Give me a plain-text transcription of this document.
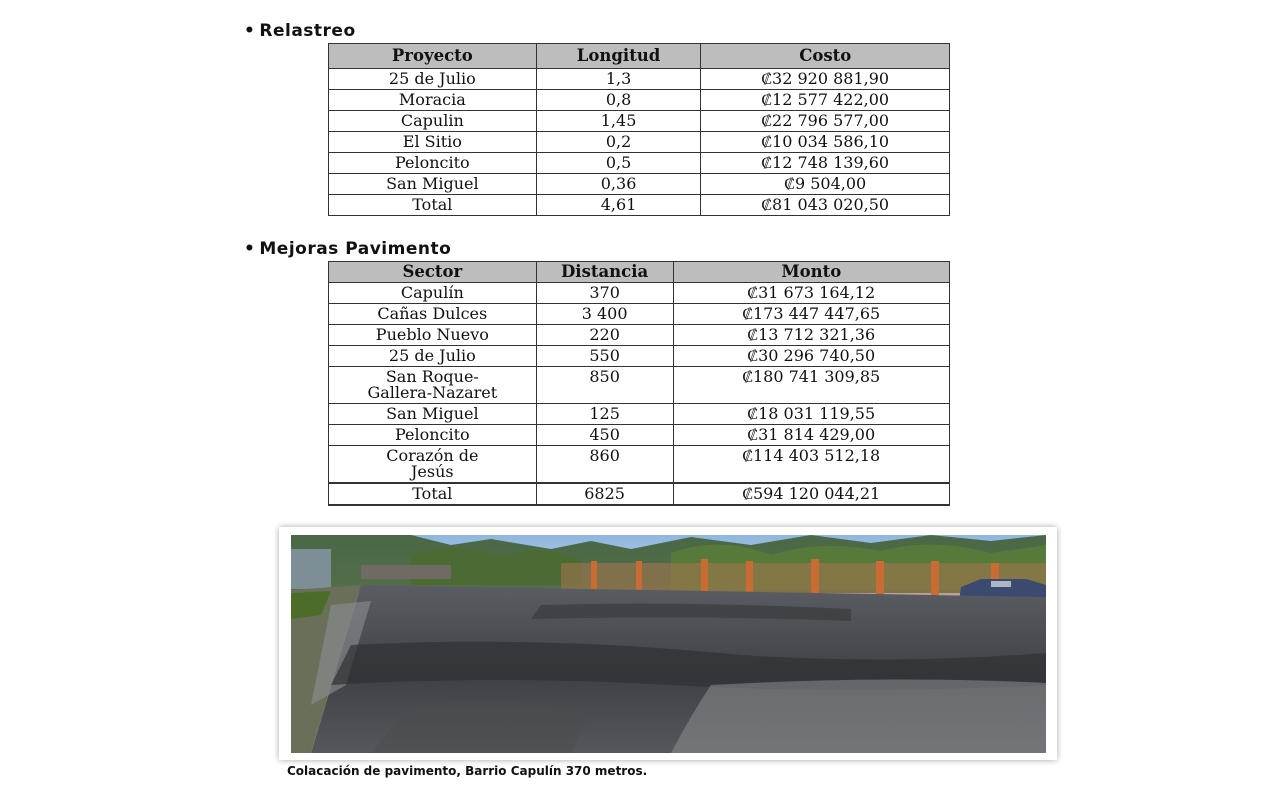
• Relastreo
Proyecto	Longitud	Costo
25 de Julio	1,3	₡32 920 881,90
Moracia	0,8	₡12 577 422,00
Capulin	1,45	₡22 796 577,00
El Sitio	0,2	₡10 034 586,10
Peloncito	0,5	₡12 748 139,60
San Miguel	0,36	₡9 504,00
Total	4,61	₡81 043 020,50
• Mejoras Pavimento
Sector	Distancia	Monto
Capulín	370	₡31 673 164,12
Cañas Dulces	3 400	₡173 447 447,65
Pueblo Nuevo	220	₡13 712 321,36
25 de Julio	550	₡30 296 740,50
San Roque-
Gallera-Nazaret	850	₡180 741 309,85
San Miguel	125	₡18 031 119,55
Peloncito	450	₡31 814 429,00
Corazón de
Jesús	860	₡114 403 512,18
Total	6825	₡594 120 044,21
Colacación de pavimento, Barrio Capulín 370 metros.
